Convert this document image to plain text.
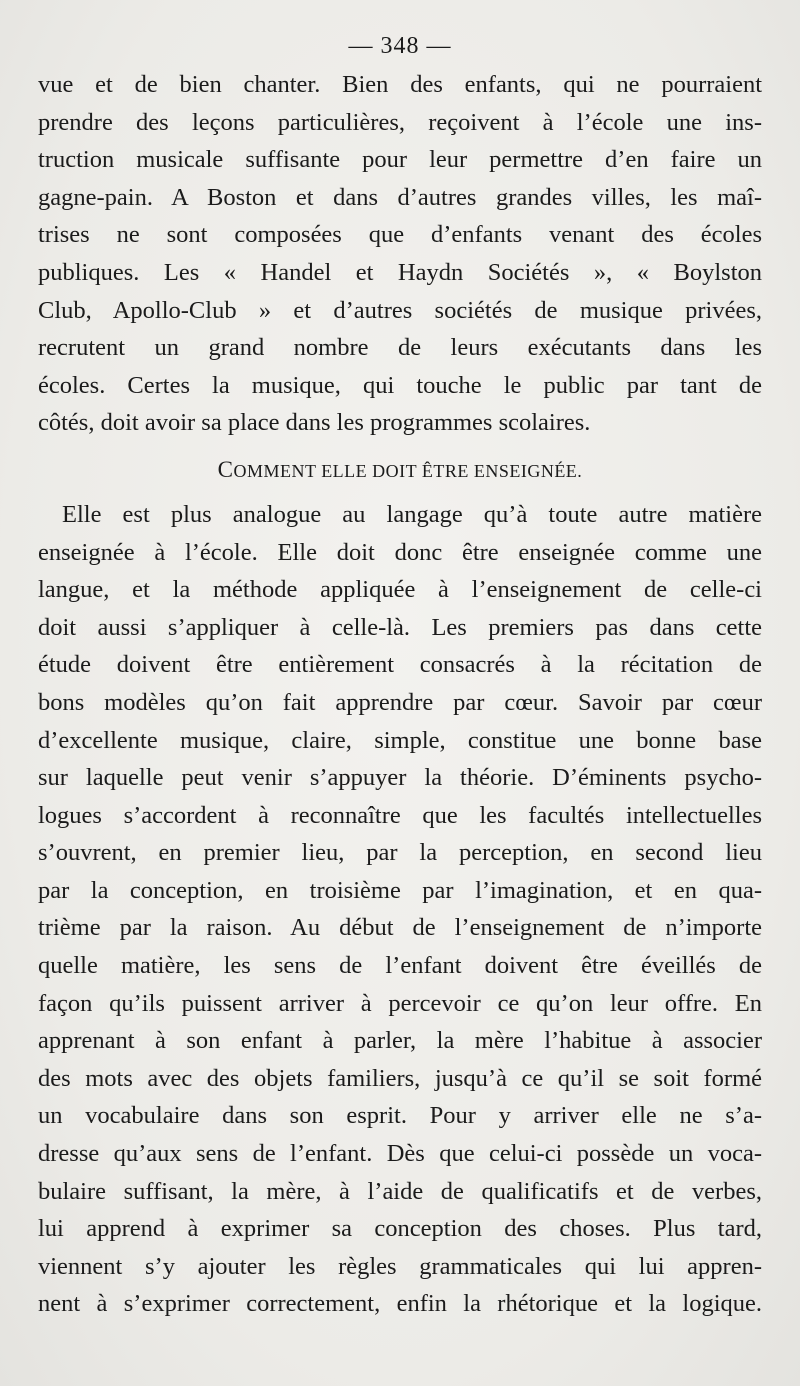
— 348 —
vue et de bien chanter. Bien des enfants, qui ne pourraient
prendre des leçons particulières, reçoivent à l’école une ins-
truction musicale suffisante pour leur permettre d’en faire un
gagne-pain. A Boston et dans d’autres grandes villes, les maî-
trises ne sont composées que d’enfants venant des écoles
publiques. Les « Handel et Haydn Sociétés », « Boylston
Club, Apollo-Club » et d’autres sociétés de musique privées,
recrutent un grand nombre de leurs exécutants dans les
écoles. Certes la musique, qui touche le public par tant de
côtés, doit avoir sa place dans les programmes scolaires.
COMMENT ELLE DOIT ÊTRE ENSEIGNÉE.
Elle est plus analogue au langage qu’à toute autre matière
enseignée à l’école. Elle doit donc être enseignée comme une
langue, et la méthode appliquée à l’enseignement de celle-ci
doit aussi s’appliquer à celle-là. Les premiers pas dans cette
étude doivent être entièrement consacrés à la récitation de
bons modèles qu’on fait apprendre par cœur. Savoir par cœur
d’excellente musique, claire, simple, constitue une bonne base
sur laquelle peut venir s’appuyer la théorie. D’éminents psycho-
logues s’accordent à reconnaître que les facultés intellectuelles
s’ouvrent, en premier lieu, par la perception, en second lieu
par la conception, en troisième par l’imagination, et en qua-
trième par la raison. Au début de l’enseignement de n’importe
quelle matière, les sens de l’enfant doivent être éveillés de
façon qu’ils puissent arriver à percevoir ce qu’on leur offre. En
apprenant à son enfant à parler, la mère l’habitue à associer
des mots avec des objets familiers, jusqu’à ce qu’il se soit formé
un vocabulaire dans son esprit. Pour y arriver elle ne s’a-
dresse qu’aux sens de l’enfant. Dès que celui-ci possède un voca-
bulaire suffisant, la mère, à l’aide de qualificatifs et de verbes,
lui apprend à exprimer sa conception des choses. Plus tard,
viennent s’y ajouter les règles grammaticales qui lui appren-
nent à s’exprimer correctement, enfin la rhétorique et la logique.
